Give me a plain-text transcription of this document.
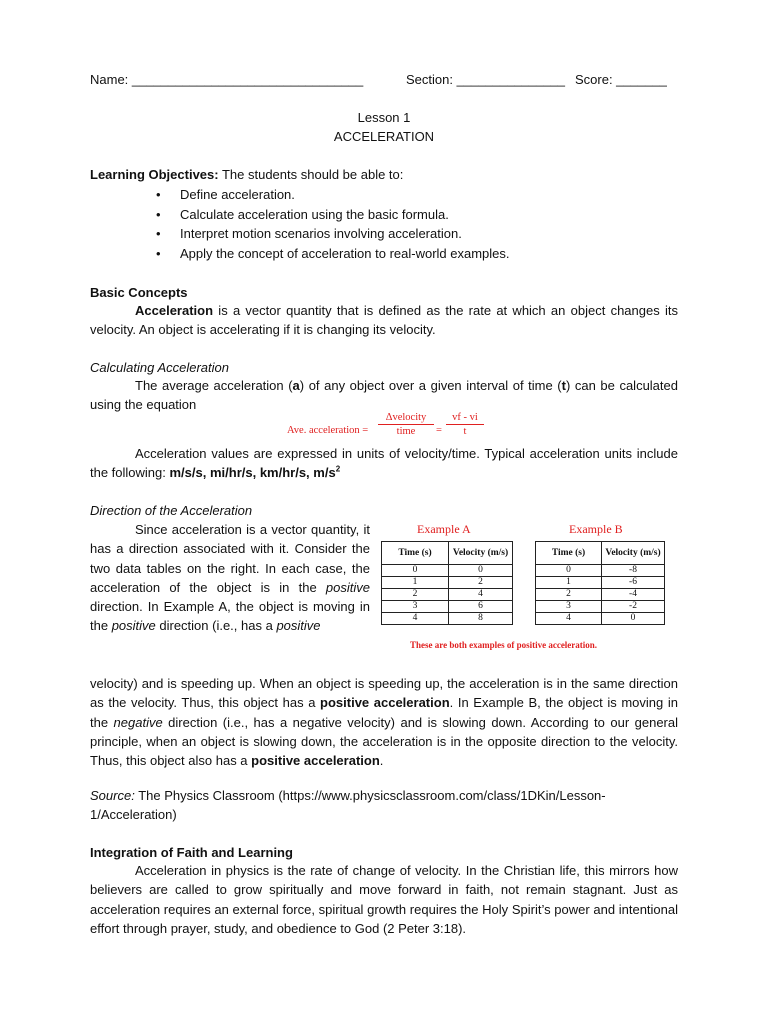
Name: ________________________________	Section: _______________ Score: _______
Lesson 1
ACCELERATION
Learning Objectives: The students should be able to:
•	Define acceleration.
•	Calculate acceleration using the basic formula.
•	Interpret motion scenarios involving acceleration.
•	Apply the concept of acceleration to real-world examples.
Basic Concepts
Acceleration is a vector quantity that is defined as the rate at which an object changes its velocity. An object is accelerating if it is changing its velocity.
Calculating Acceleration
The average acceleration (a) of any object over a given interval of time (t) can be calculated using the equation
Ave. acceleration =
Δvelocity
time	= $\frac{vf - vi}{t}$
Acceleration values are expressed in units of velocity/time. Typical acceleration units include the following: m/s/s, mi/hr/s, km/hr/s, $m/s^2$
Direction of the Acceleration
Since acceleration is a vector quantity, it has a direction associated with it. Consider the two data tables on the right. In each case, the acceleration of the object is in the positive direction. In Example A, the object is moving in the positive direction (i.e., has a positive
Example A	Example B
Time (s)	Velocity (m/s)
0	0
1	2
2	4
3	6
4	8
Time (s)	Velocity (m/s)
0	-8
1	-6
2	-4
3	-2
4	0
These are both examples of positive acceleration.
velocity) and is speeding up. When an object is speeding up, the acceleration is in the same direction as the velocity. Thus, this object has a positive acceleration. In Example B, the object is moving in the negative direction (i.e., has a negative velocity) and is slowing down. According to our general principle, when an object is slowing down, the acceleration is in the opposite direction to the velocity. Thus, this object also has a positive acceleration.
Source: The Physics Classroom (https://www.physicsclassroom.com/class/1DKin/Lesson-1/Acceleration)
Integration of Faith and Learning
Acceleration in physics is the rate of change of velocity. In the Christian life, this mirrors how believers are called to grow spiritually and move forward in faith, not remain stagnant. Just as acceleration requires an external force, spiritual growth requires the Holy Spirit’s power and intentional effort through prayer, study, and obedience to God (2 Peter 3:18).
